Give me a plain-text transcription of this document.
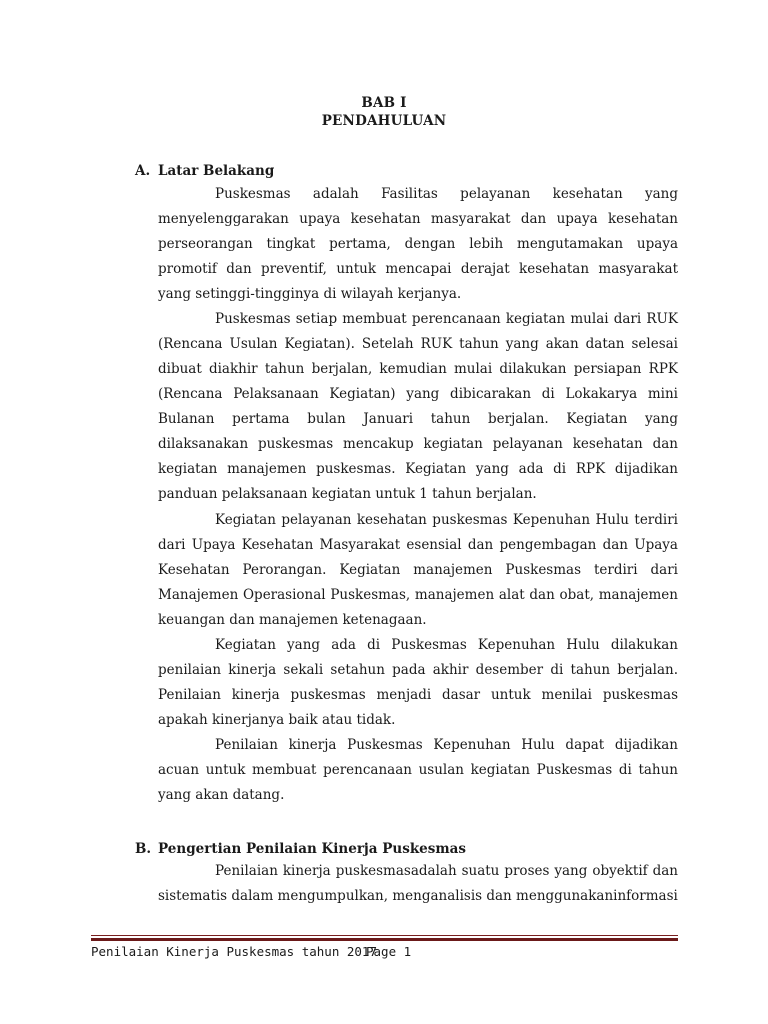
BAB I
PENDAHULUAN
A. Latar Belakang

Puskesmas adalah Fasilitas pelayanan kesehatan yang menyelenggarakan upaya kesehatan masyarakat dan upaya kesehatan perseorangan tingkat pertama, dengan lebih mengutamakan upaya promotif dan preventif, untuk mencapai derajat kesehatan masyarakat yang setinggi-tingginya di wilayah kerjanya.

Puskesmas setiap membuat perencanaan kegiatan mulai dari RUK (Rencana Usulan Kegiatan). Setelah RUK tahun yang akan datan selesai dibuat diakhir tahun berjalan, kemudian mulai dilakukan persiapan RPK (Rencana Pelaksanaan Kegiatan) yang dibicarakan di Lokakarya mini Bulanan pertama bulan Januari tahun berjalan. Kegiatan yang dilaksanakan puskesmas mencakup kegiatan pelayanan kesehatan dan kegiatan manajemen puskesmas. Kegiatan yang ada di RPK dijadikan panduan pelaksanaan kegiatan untuk 1 tahun berjalan.

Kegiatan pelayanan kesehatan puskesmas Kepenuhan Hulu terdiri dari Upaya Kesehatan Masyarakat esensial dan pengembagan dan Upaya Kesehatan Perorangan. Kegiatan manajemen Puskesmas terdiri dari Manajemen Operasional Puskesmas, manajemen alat dan obat, manajemen keuangan dan manajemen ketenagaan.

Kegiatan yang ada di Puskesmas Kepenuhan Hulu dilakukan penilaian kinerja sekali setahun pada akhir desember di tahun berjalan. Penilaian kinerja puskesmas menjadi dasar untuk menilai puskesmas apakah kinerjanya baik atau tidak.

Penilaian kinerja Puskesmas Kepenuhan Hulu dapat dijadikan acuan untuk membuat perencanaan usulan kegiatan Puskesmas di tahun yang akan datang.

B. Pengertian Penilaian Kinerja Puskesmas

Penilaian kinerja puskesmasadalah suatu proses yang obyektif dan sistematis dalam mengumpulkan, menganalisis dan menggunakaninformasi

Penilaian Kinerja Puskesmas tahun 2017
Page 1
